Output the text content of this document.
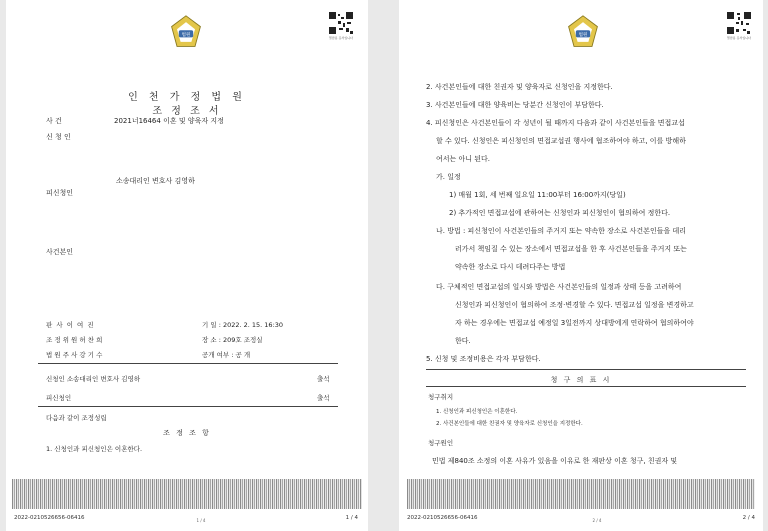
법원	열람용 문서입니다
인 천 가 정 법 원
조 정 조 서
사 건	2021너16464 이혼 및 양육자 지정
신 청 인
소송대리인 변호사 김영하
피신청인
사건본인
판 사 이 여 진	기 일 : 2022. 2. 15. 16:30
조 정 위 원 허 찬 희	장 소 : 209호 조정실
법 원 주 사 강 기 수	공개 여부 : 공 개
신청인 소송대리인 변호사 김영하	출석
피신청인	출석
다음과 같이 조정성립
조 정 조 항
1. 신청인과 피신청인은 이혼한다.
2022-0210526656-06416	1 / 4	1 / 4
법원	열람용 문서입니다
2. 사건본인들에 대한 친권자 및 양육자로 신청인을 지정한다.
3. 사건본인들에 대한 양육비는 당분간 신청인이 부담한다.
4. 피신청인은 사건본인들이 각 성년이 될 때까지 다음과 같이 사건본인들을 면접교섭
할 수 있다. 신청인은 피신청인의 면접교섭권 행사에 협조하여야 하고, 이를 방해하
여서는 아니 된다.
가. 일정
1) 매월 1회, 세 번째 일요일 11:00부터 16:00까지(당일)
2) 추가적인 면접교섭에 관하여는 신청인과 피신청인이 협의하여 정한다.
나. 방법 : 피신청인이 사건본인들의 주거지 또는 약속한 장소로 사건본인들을 데리
러가서 책임질 수 있는 장소에서 면접교섭을 한 후 사건본인들을 주거지 또는
약속한 장소로 다시 데려다주는 방법
다. 구체적인 면접교섭의 일시와 방법은 사건본인들의 일정과 상태 등을 고려하여
신청인과 피신청인이 협의하여 조정·변경할 수 있다. 면접교섭 일정을 변경하고
자 하는 경우에는 면접교섭 예정일 3일전까지 상대방에게 연락하여 협의하여야
한다.
5. 신청 및 조정비용은 각자 부담한다.
청 구 의 표 시
청구취지
1. 신청인과 피신청인은 이혼한다.
2. 사건본인들에 대한 친권자 및 양육자로 신청인을 지정한다.
청구원인
민법 제840조 소정의 이혼 사유가 있음을 이유로 한 재판상 이혼 청구, 친권자 및
2022-0210526656-06416	2 / 4	2 / 4
